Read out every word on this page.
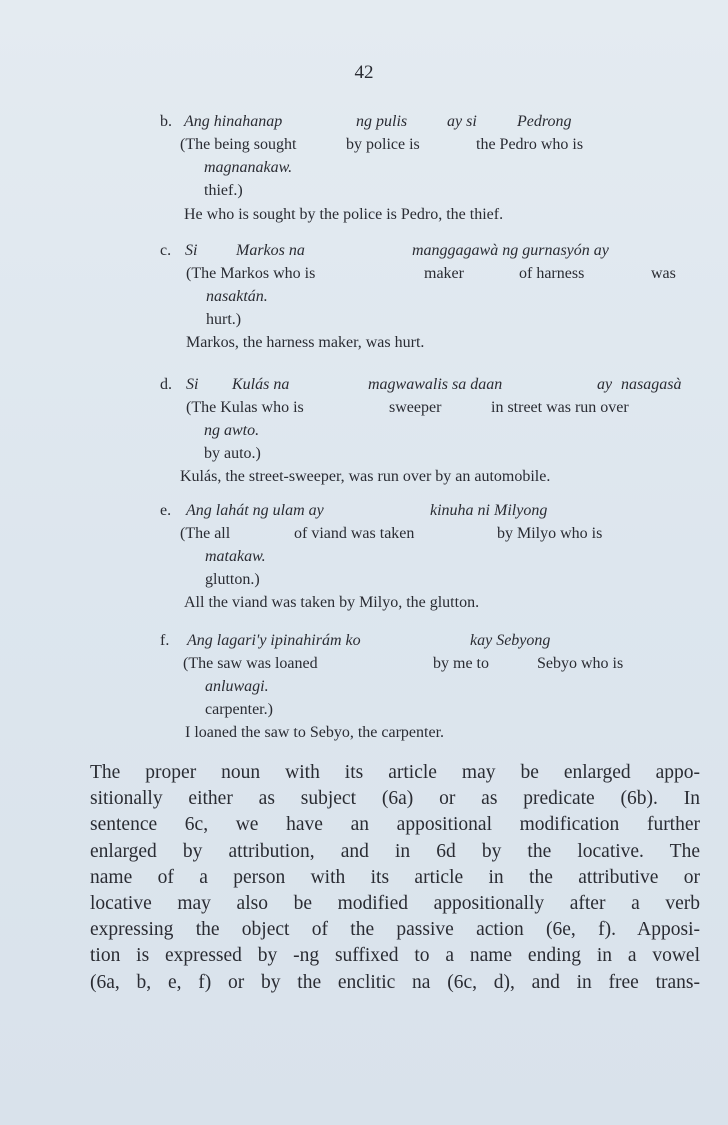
42
b. Ang hinahanap	ng pulis ay si	Pedrong
(The being sought	by police is	the Pedro who is
magnanakaw.
thief.)
He who is sought by the police is Pedro, the thief.
c. Si Markos na	manggagawà ng gurnasyón ay
(The Markos who is	maker	of harness	was
nasaktán.
hurt.)
Markos, the harness maker, was hurt.
d. Si Kulás na	magwawalis sa daan	ay nasagasà
(The Kulas who is	sweeper	in street was run over
ng awto.
by auto.)
Kulás, the street-sweeper, was run over by an automobile.
e. Ang lahát ng ulam ay	kinuha ni Milyong
(The all	of viand was taken	by Milyo who is
matakaw.
glutton.)
All the viand was taken by Milyo, the glutton.
f. Ang lagari'y ipinahirám ko	kay Sebyong
(The saw was loaned	by me to	Sebyo who is
anluwagi.
carpenter.)
I loaned the saw to Sebyo, the carpenter.
The proper noun with its article may be enlarged appo-
sitionally either as subject (6a) or as predicate (6b). In
sentence 6c, we have an appositional modification further
enlarged by attribution, and in 6d by the locative. The
name of a person with its article in the attributive or
locative may also be modified appositionally after a verb
expressing the object of the passive action (6e, f). Apposi-
tion is expressed by -ng suffixed to a name ending in a vowel
(6a, b, e, f) or by the enclitic na (6c, d), and in free trans-
